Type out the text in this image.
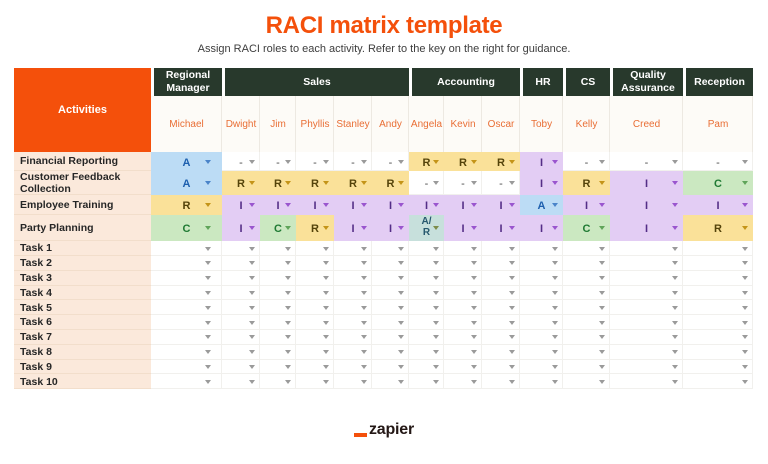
RACI matrix template

Assign RACI roles to each activity. Refer to the key on the right for guidance.

Activities	Regional Manager	Sales					Accounting			HR	CS	Quality Assurance	Reception
	Michael	Dwight	Jim	Phyllis	Stanley	Andy	Angela	Kevin	Oscar	Toby	Kelly	Creed	Pam
Financial Reporting	A	-	-	-	-	-	R	R	R	I	-	-	-

Customer Feedback Collection	A	R	R	R	R	R	-	-	-	I	R	I	C

Employee Training	R	I	I	I	I	I	I	I	I	A	I	I	I

Party Planning	C	I	C	R	I	I	A/R	I	I	I	C	I	R

Task 1	

Task 2	

Task 3	

Task 4	

Task 5	

Task 6	

Task 7	

Task 8	

Task 9	

Task 10	

zapier
